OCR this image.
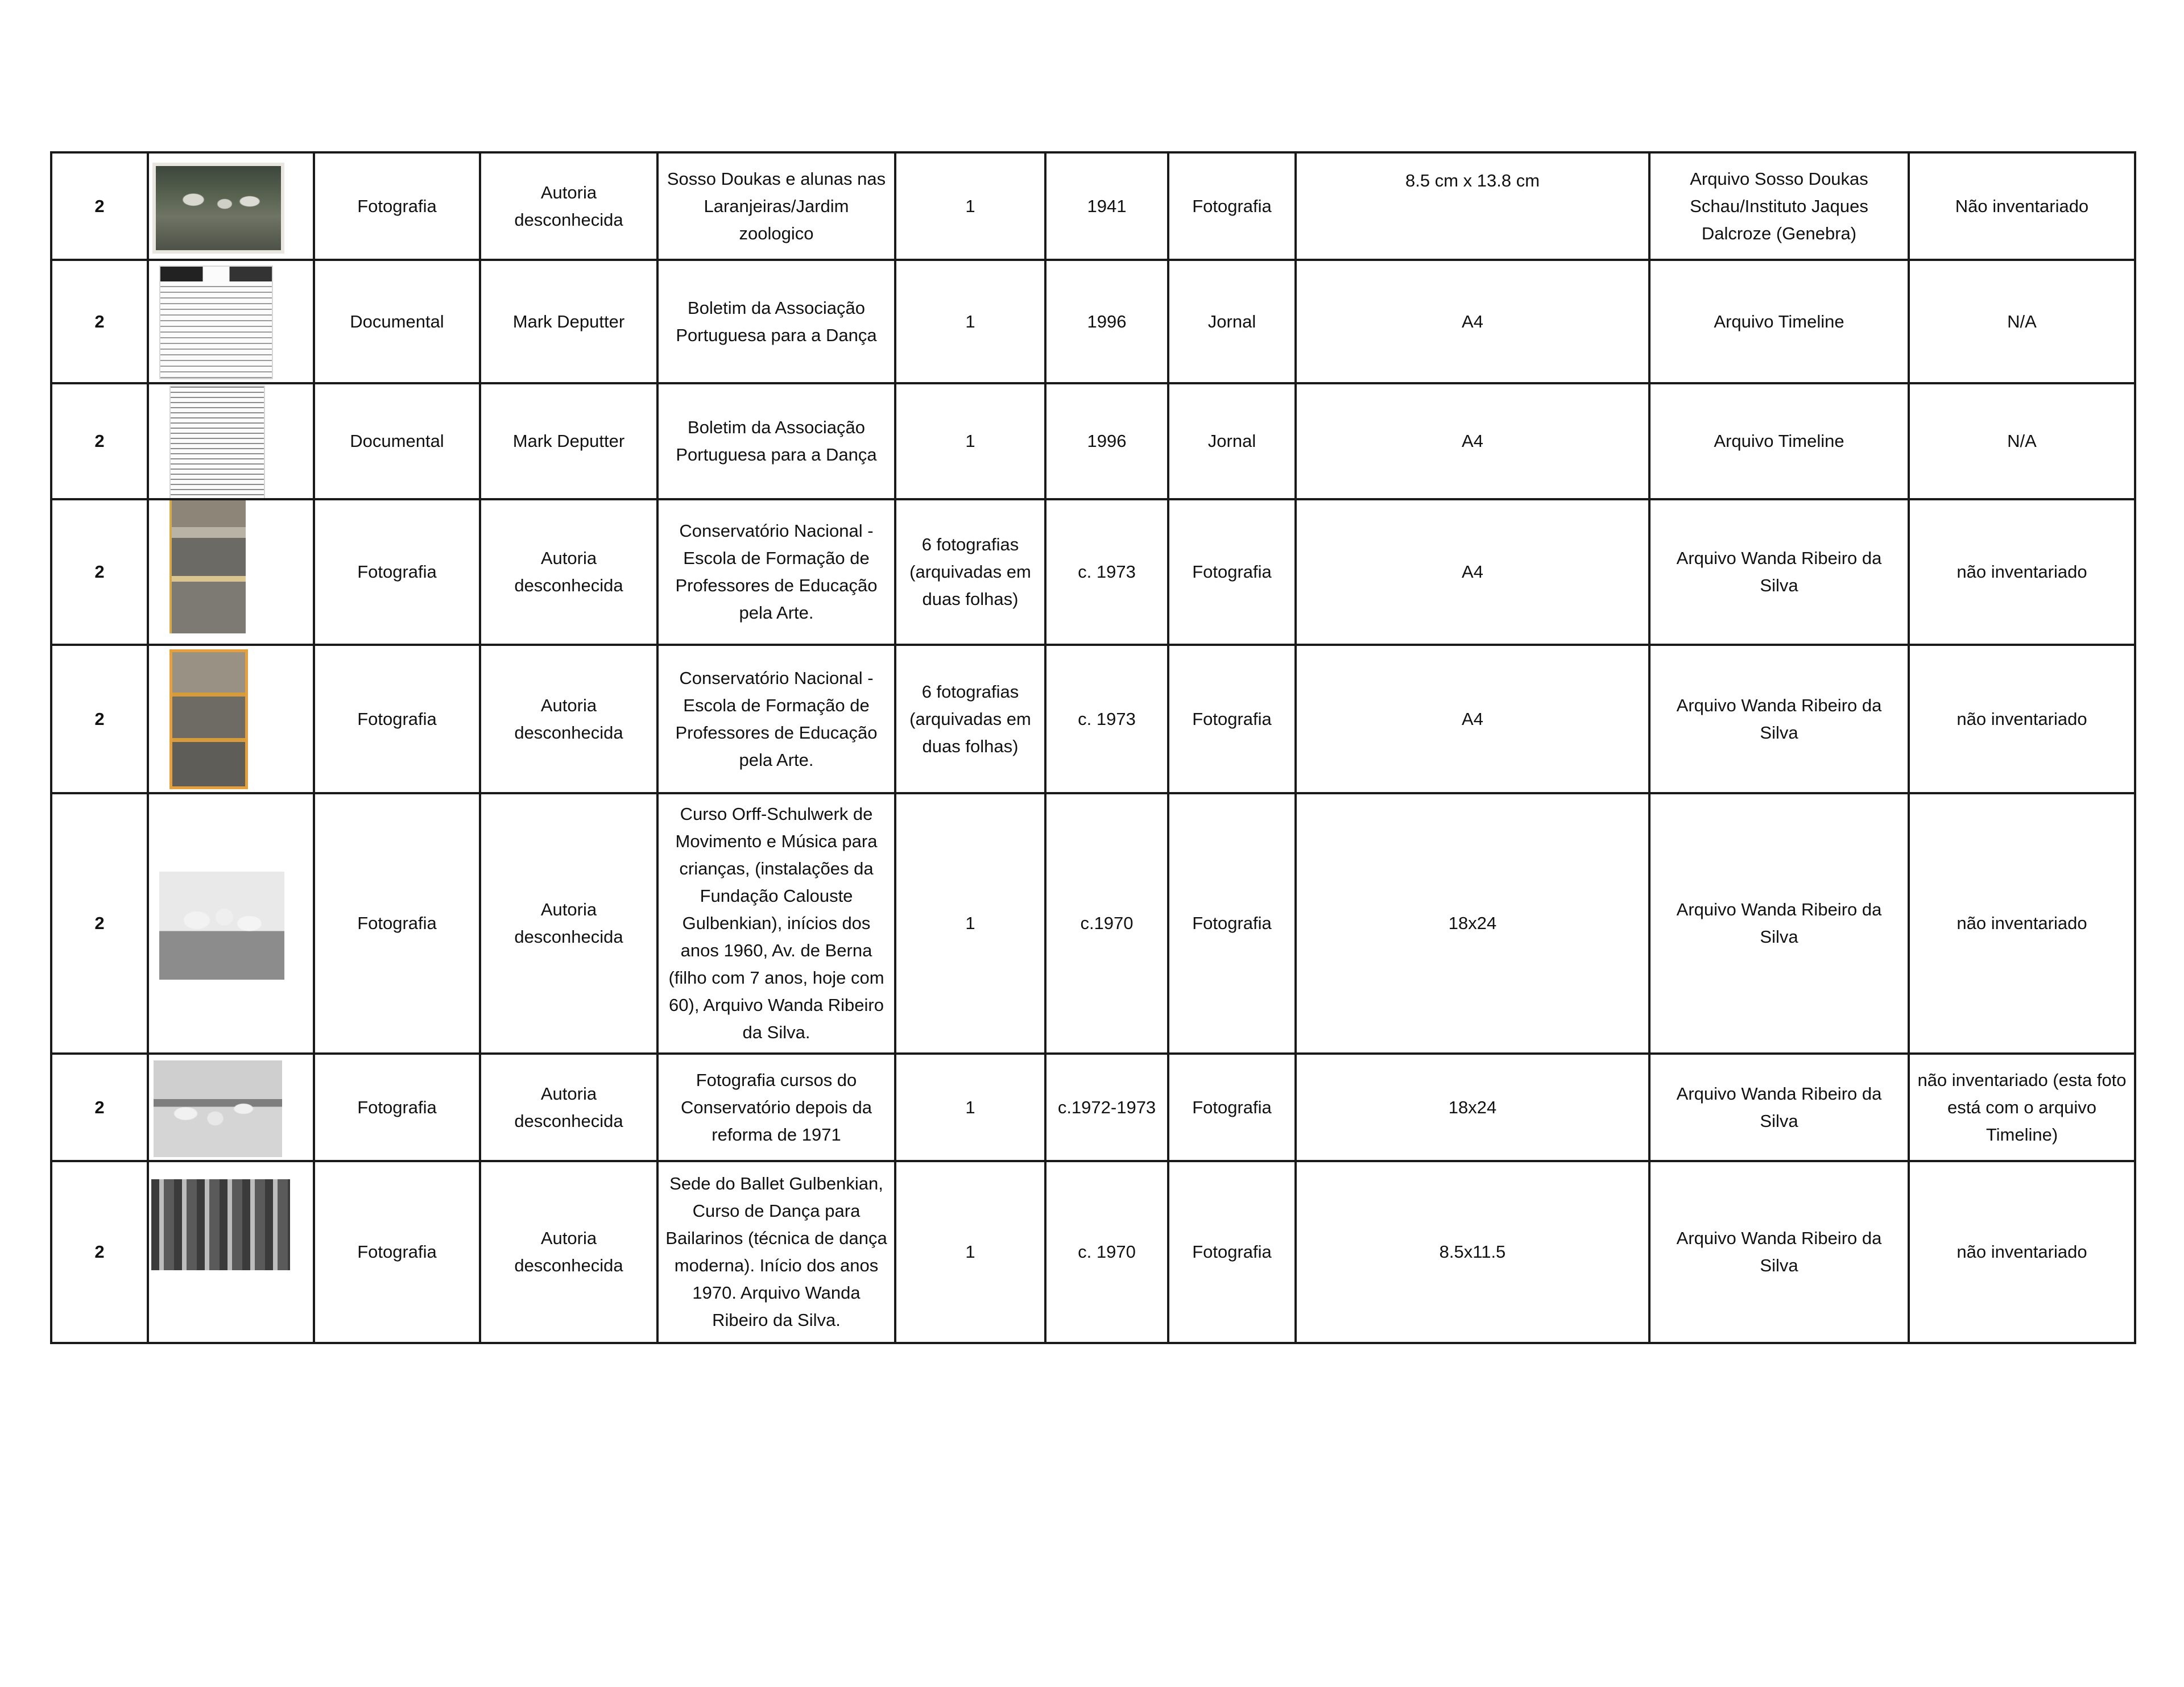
2		Fotografia	Autoria desconhecida	Sosso Doukas e alunas nas Laranjeiras/Jardim zoologico	1	1941	Fotografia	8.5 cm x 13.8 cm	Arquivo Sosso Doukas Schau/Instituto Jaques Dalcroze (Genebra)	Não inventariado
2		Documental	Mark Deputter	Boletim da Associação Portuguesa para a Dança	1	1996	Jornal	A4	Arquivo Timeline	N/A
2		Documental	Mark Deputter	Boletim da Associação Portuguesa para a Dança	1	1996	Jornal	A4	Arquivo Timeline	N/A
2		Fotografia	Autoria desconhecida	Conservatório Nacional - Escola de Formação de Professores de Educação pela Arte.	6 fotografias (arquivadas em duas folhas)	c. 1973	Fotografia	A4	Arquivo Wanda Ribeiro da Silva	não inventariado
2		Fotografia	Autoria desconhecida	Conservatório Nacional - Escola de Formação de Professores de Educação pela Arte.	6 fotografias (arquivadas em duas folhas)	c. 1973	Fotografia	A4	Arquivo Wanda Ribeiro da Silva	não inventariado
2		Fotografia	Autoria desconhecida	Curso Orff-Schulwerk de Movimento e Música para crianças, (instalações da Fundação Calouste Gulbenkian), inícios dos anos 1960, Av. de Berna (filho com 7 anos, hoje com 60), Arquivo Wanda Ribeiro da Silva.	1	c.1970	Fotografia	18x24	Arquivo Wanda Ribeiro da Silva	não inventariado
2		Fotografia	Autoria desconhecida	Fotografia cursos do Conservatório depois da reforma de 1971	1	c.1972-1973	Fotografia	18x24	Arquivo Wanda Ribeiro da Silva	não inventariado (esta foto está com o arquivo Timeline)
2		Fotografia	Autoria desconhecida	Sede do Ballet Gulbenkian, Curso de Dança para Bailarinos (técnica de dança moderna). Início dos anos 1970. Arquivo Wanda Ribeiro da Silva.	1	c. 1970	Fotografia	8.5x11.5	Arquivo Wanda Ribeiro da Silva	não inventariado
